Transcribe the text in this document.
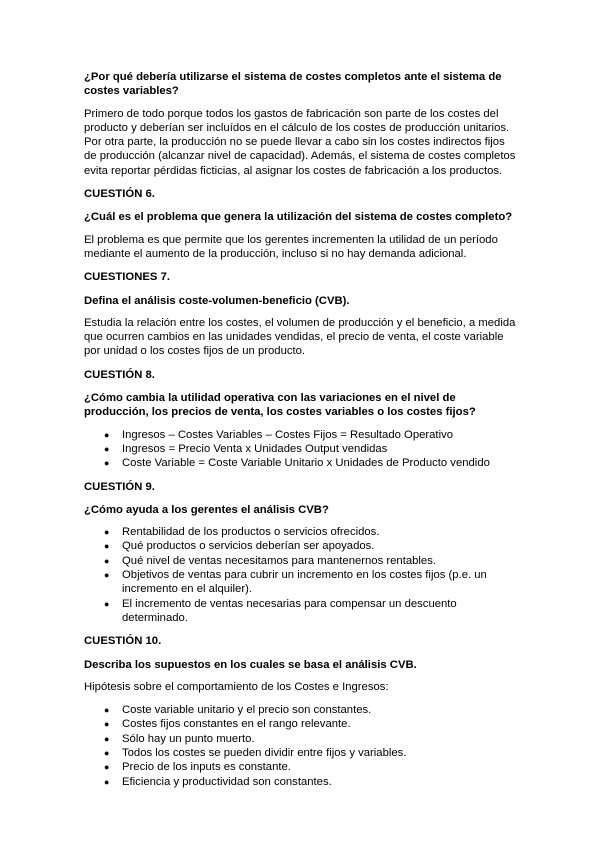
¿Por qué debería utilizarse el sistema de costes completos ante el sistema de costes variables?

Primero de todo porque todos los gastos de fabricación son parte de los costes del producto y deberían ser incluídos en el cálculo de los costes de producción unitarios. Por otra parte, la producción no se puede llevar a cabo sin los costes indirectos fijos de producción (alcanzar nivel de capacidad). Además, el sistema de costes completos evita reportar pérdidas ficticias, al asignar los costes de fabricación a los productos.

CUESTIÓN 6.

¿Cuál es el problema que genera la utilización del sistema de costes completo?

El problema es que permite que los gerentes incrementen la utilidad de un período mediante el aumento de la producción, incluso si no hay demanda adicional.

CUESTIONES 7.

Defina el análisis coste-volumen-beneficio (CVB).

Estudia la relación entre los costes, el volumen de producción y el beneficio, a medida que ocurren cambios en las unidades vendidas, el precio de venta, el coste variable por unidad o los costes fijos de un producto.

CUESTIÓN 8.

¿Cómo cambia la utilidad operativa con las variaciones en el nivel de producción, los precios de venta, los costes variables o los costes fijos?

● Ingresos – Costes Variables – Costes Fijos = Resultado Operativo
● Ingresos = Precio Venta x Unidades Output vendidas
● Coste Variable = Coste Variable Unitario x Unidades de Producto vendido

CUESTIÓN 9.

¿Cómo ayuda a los gerentes el análisis CVB?

● Rentabilidad de los productos o servicios ofrecidos.
● Qué productos o servicios deberían ser apoyados.
● Qué nivel de ventas necesitamos para mantenernos rentables.
● Objetivos de ventas para cubrir un incremento en los costes fijos (p.e. un incremento en el alquiler).
● El incremento de ventas necesarias para compensar un descuento determinado.

CUESTIÓN 10.

Describa los supuestos en los cuales se basa el análisis CVB.

Hipótesis sobre el comportamiento de los Costes e Ingresos:

● Coste variable unitario y el precio son constantes.
● Costes fijos constantes en el rango relevante.
● Sólo hay un punto muerto.
● Todos los costes se pueden dividir entre fijos y variables.
● Precio de los inputs es constante.
● Eficiencia y productividad son constantes.
